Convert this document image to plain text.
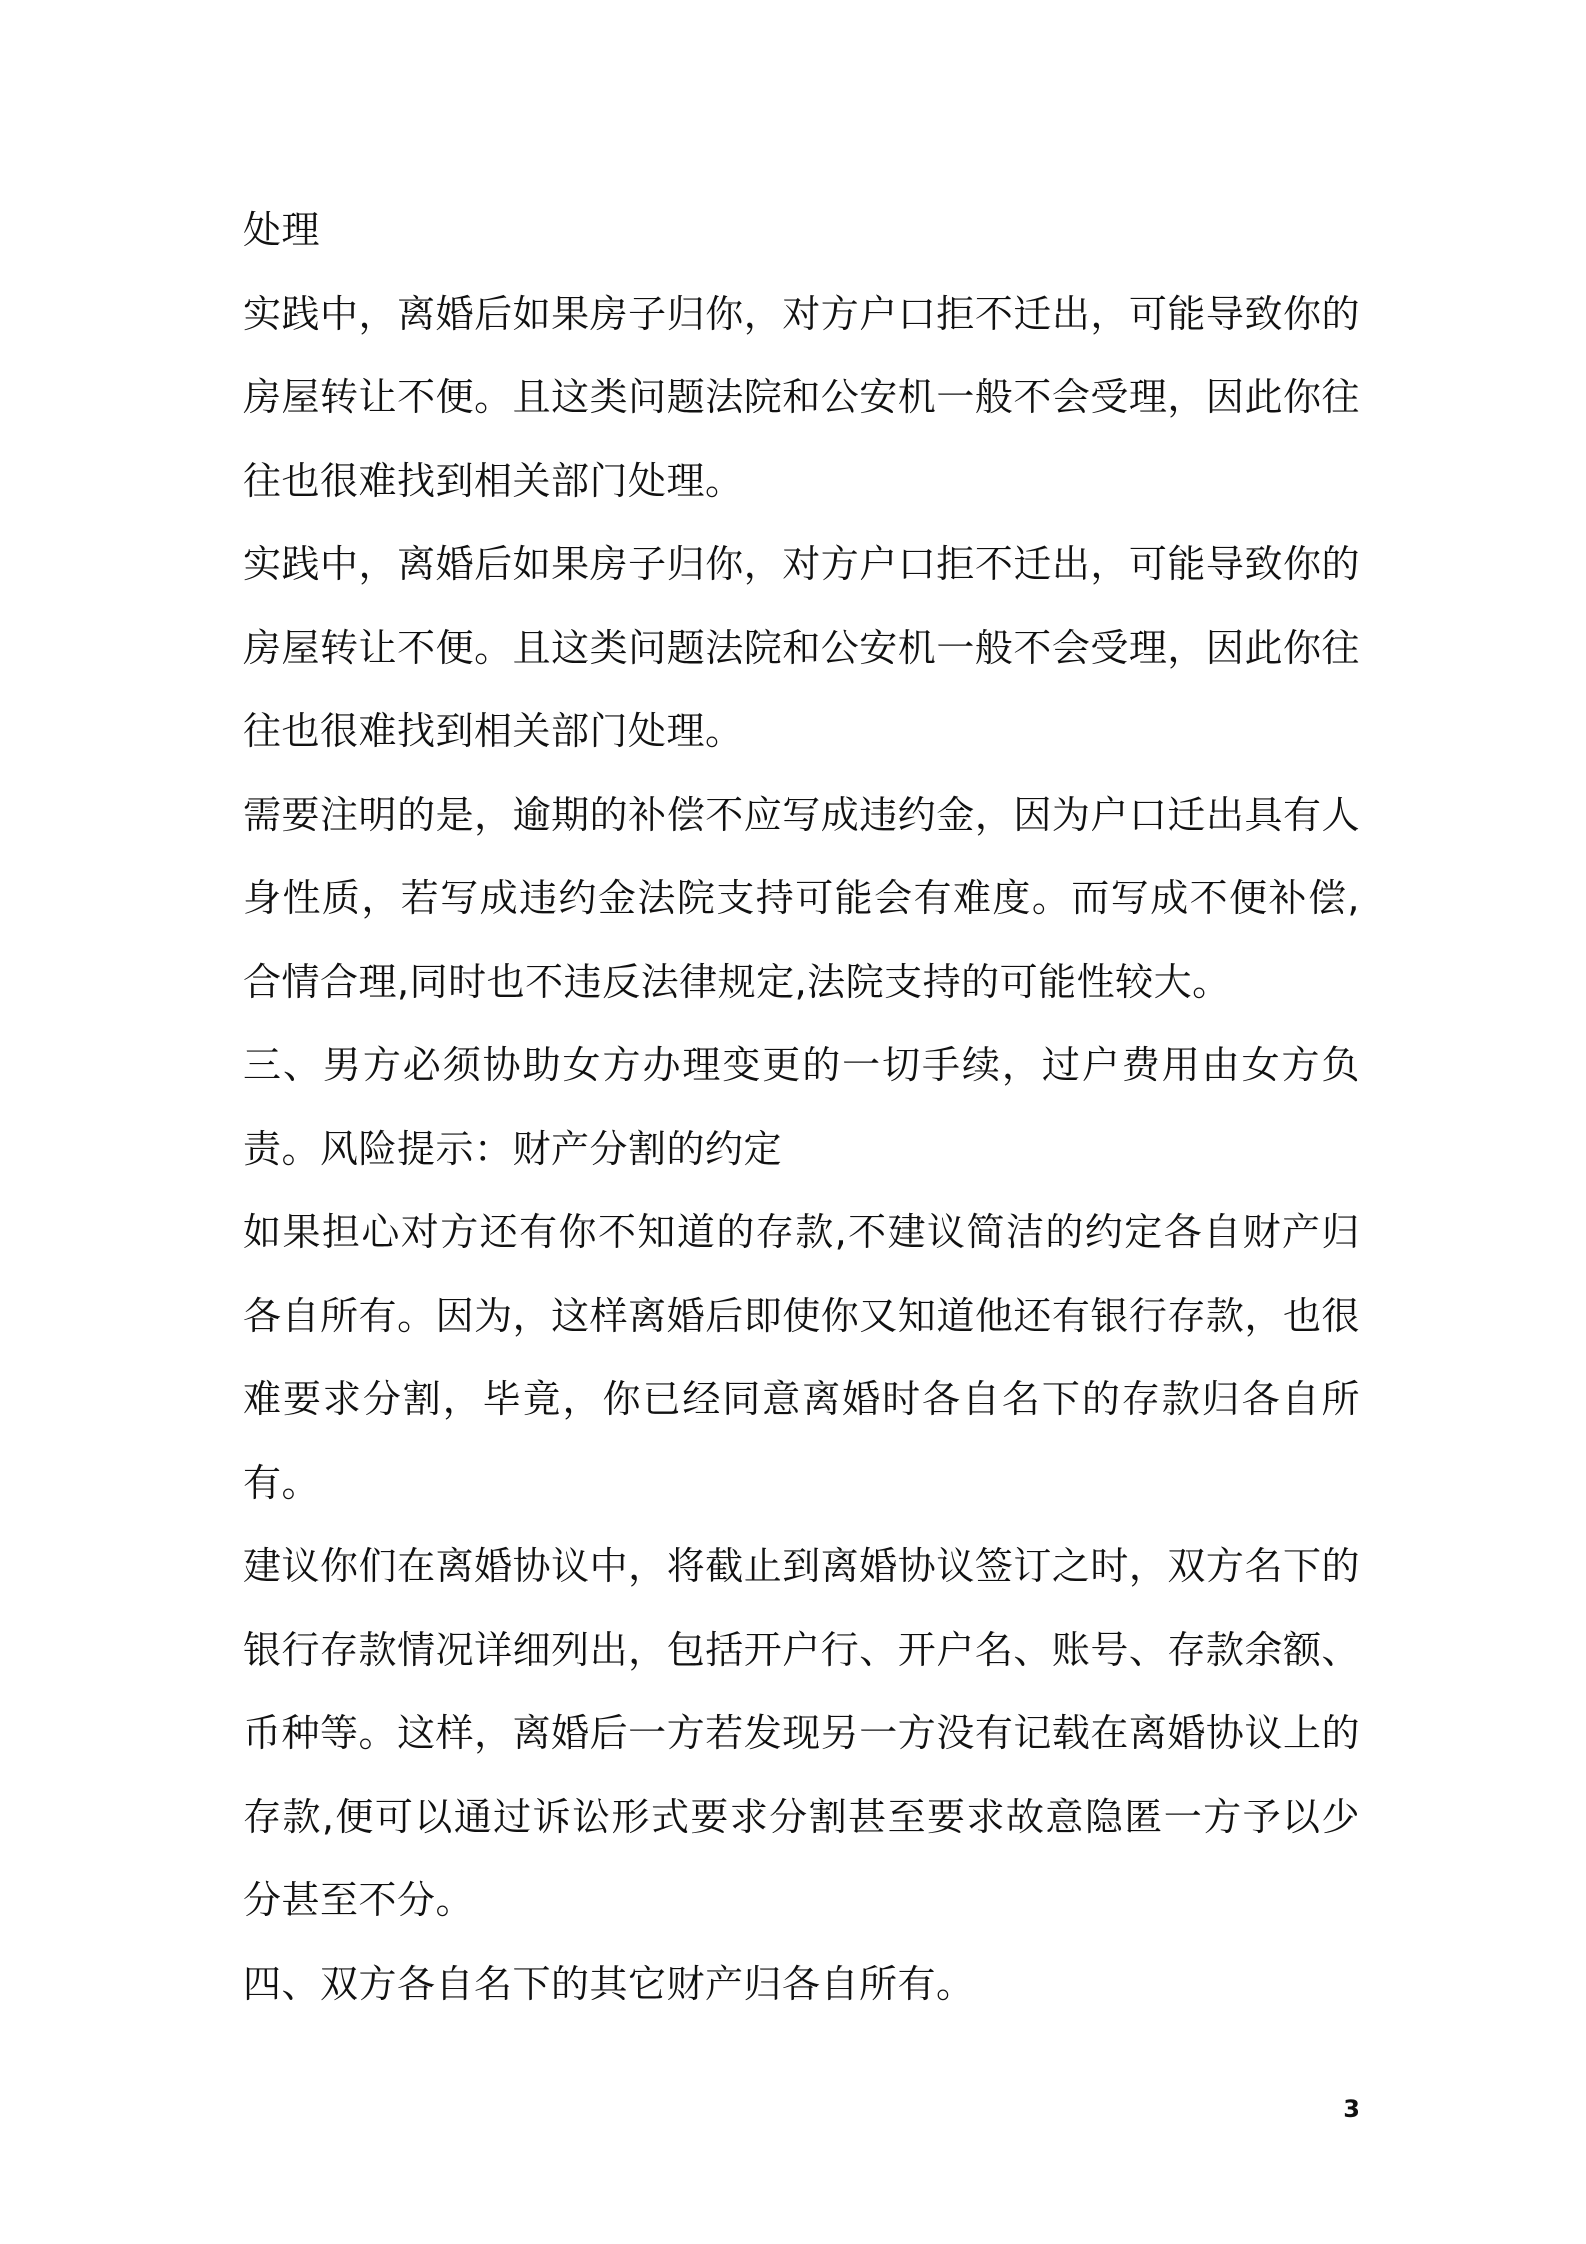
处理

实践中，离婚后如果房子归你，对方户口拒不迁出，可能导致你的房屋转让不便。且这类问题法院和公安机一般不会受理，因此你往往也很难找到相关部门处理。

实践中，离婚后如果房子归你，对方户口拒不迁出，可能导致你的房屋转让不便。且这类问题法院和公安机一般不会受理，因此你往往也很难找到相关部门处理。

需要注明的是，逾期的补偿不应写成违约金，因为户口迁出具有人身性质，若写成违约金法院支持可能会有难度。而写成不便补偿,合情合理,同时也不违反法律规定,法院支持的可能性较大。

三、男方必须协助女方办理变更的一切手续，过户费用由女方负责。风险提示：财产分割的约定

如果担心对方还有你不知道的存款,不建议简洁的约定各自财产归各自所有。因为，这样离婚后即使你又知道他还有银行存款，也很难要求分割，毕竟，你已经同意离婚时各自名下的存款归各自所有。

建议你们在离婚协议中，将截止到离婚协议签订之时，双方名下的银行存款情况详细列出，包括开户行、开户名、账号、存款余额、币种等。这样，离婚后一方若发现另一方没有记载在离婚协议上的存款,便可以通过诉讼形式要求分割甚至要求故意隐匿一方予以少分甚至不分。

四、双方各自名下的其它财产归各自所有。

3
